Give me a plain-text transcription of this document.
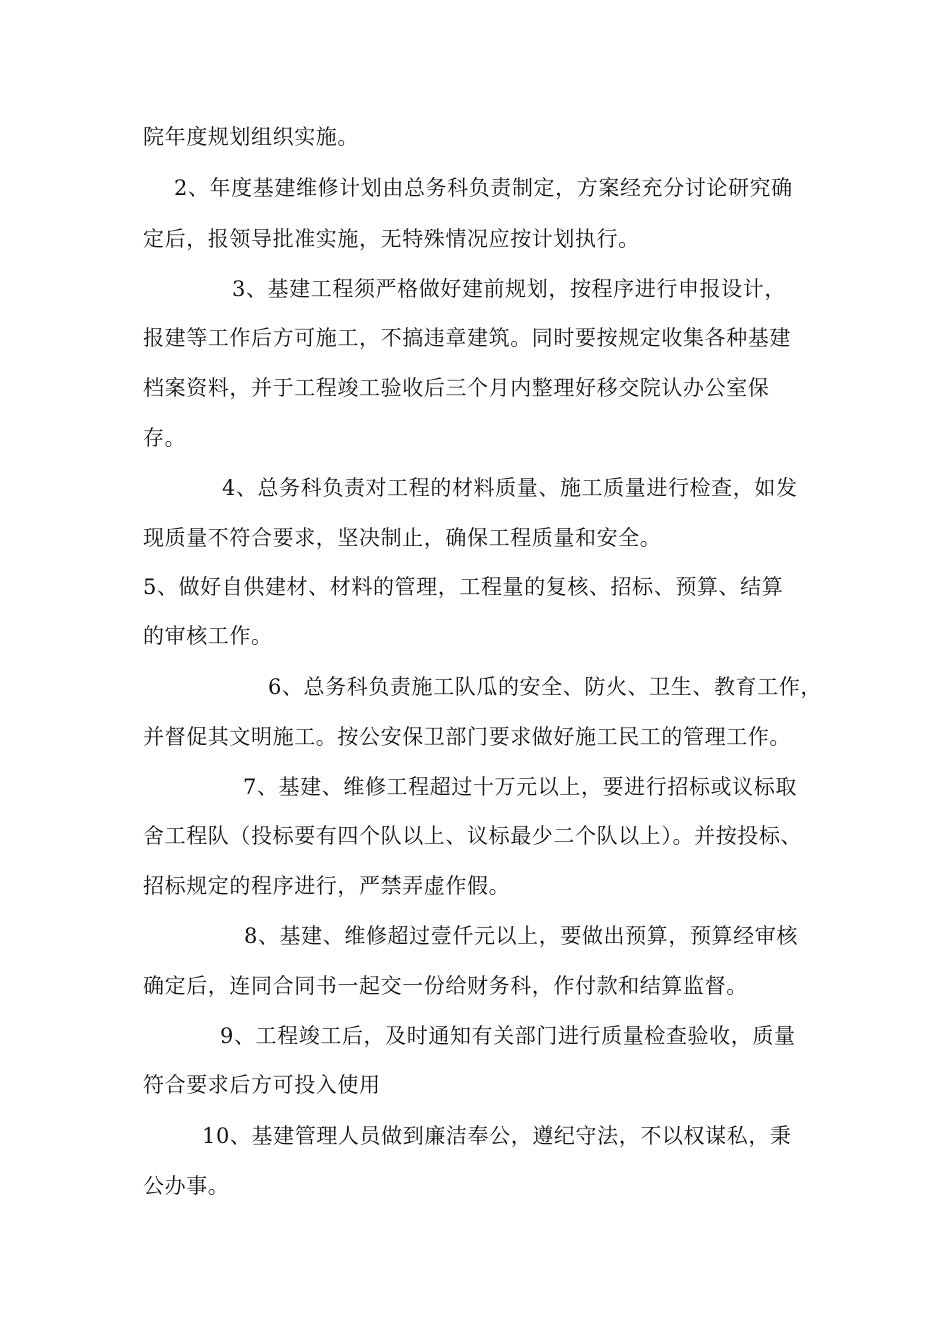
院年度规划组织实施。
2、年度基建维修计划由总务科负责制定，方案经充分讨论研究确
定后，报领导批准实施，无特殊情况应按计划执行。
3、基建工程须严格做好建前规划，按程序进行申报设计，
报建等工作后方可施工，不搞违章建筑。同时要按规定收集各种基建
档案资料，并于工程竣工验收后三个月内整理好移交院认办公室保
存。
4、总务科负责对工程的材料质量、施工质量进行检查，如发
现质量不符合要求，坚决制止，确保工程质量和安全。
5、做好自供建材、材料的管理，工程量的复核、招标、预算、结算
的审核工作。
6、总务科负责施工队瓜的安全、防火、卫生、教育工作，
并督促其文明施工。按公安保卫部门要求做好施工民工的管理工作。
7、基建、维修工程超过十万元以上，要进行招标或议标取
舍工程队（投标要有四个队以上、议标最少二个队以上）。并按投标、
招标规定的程序进行，严禁弄虚作假。
8、基建、维修超过壹仟元以上，要做出预算，预算经审核
确定后，连同合同书一起交一份给财务科，作付款和结算监督。
9、工程竣工后，及时通知有关部门进行质量检查验收，质量
符合要求后方可投入使用
10、基建管理人员做到廉洁奉公，遵纪守法，不以权谋私，秉
公办事。
